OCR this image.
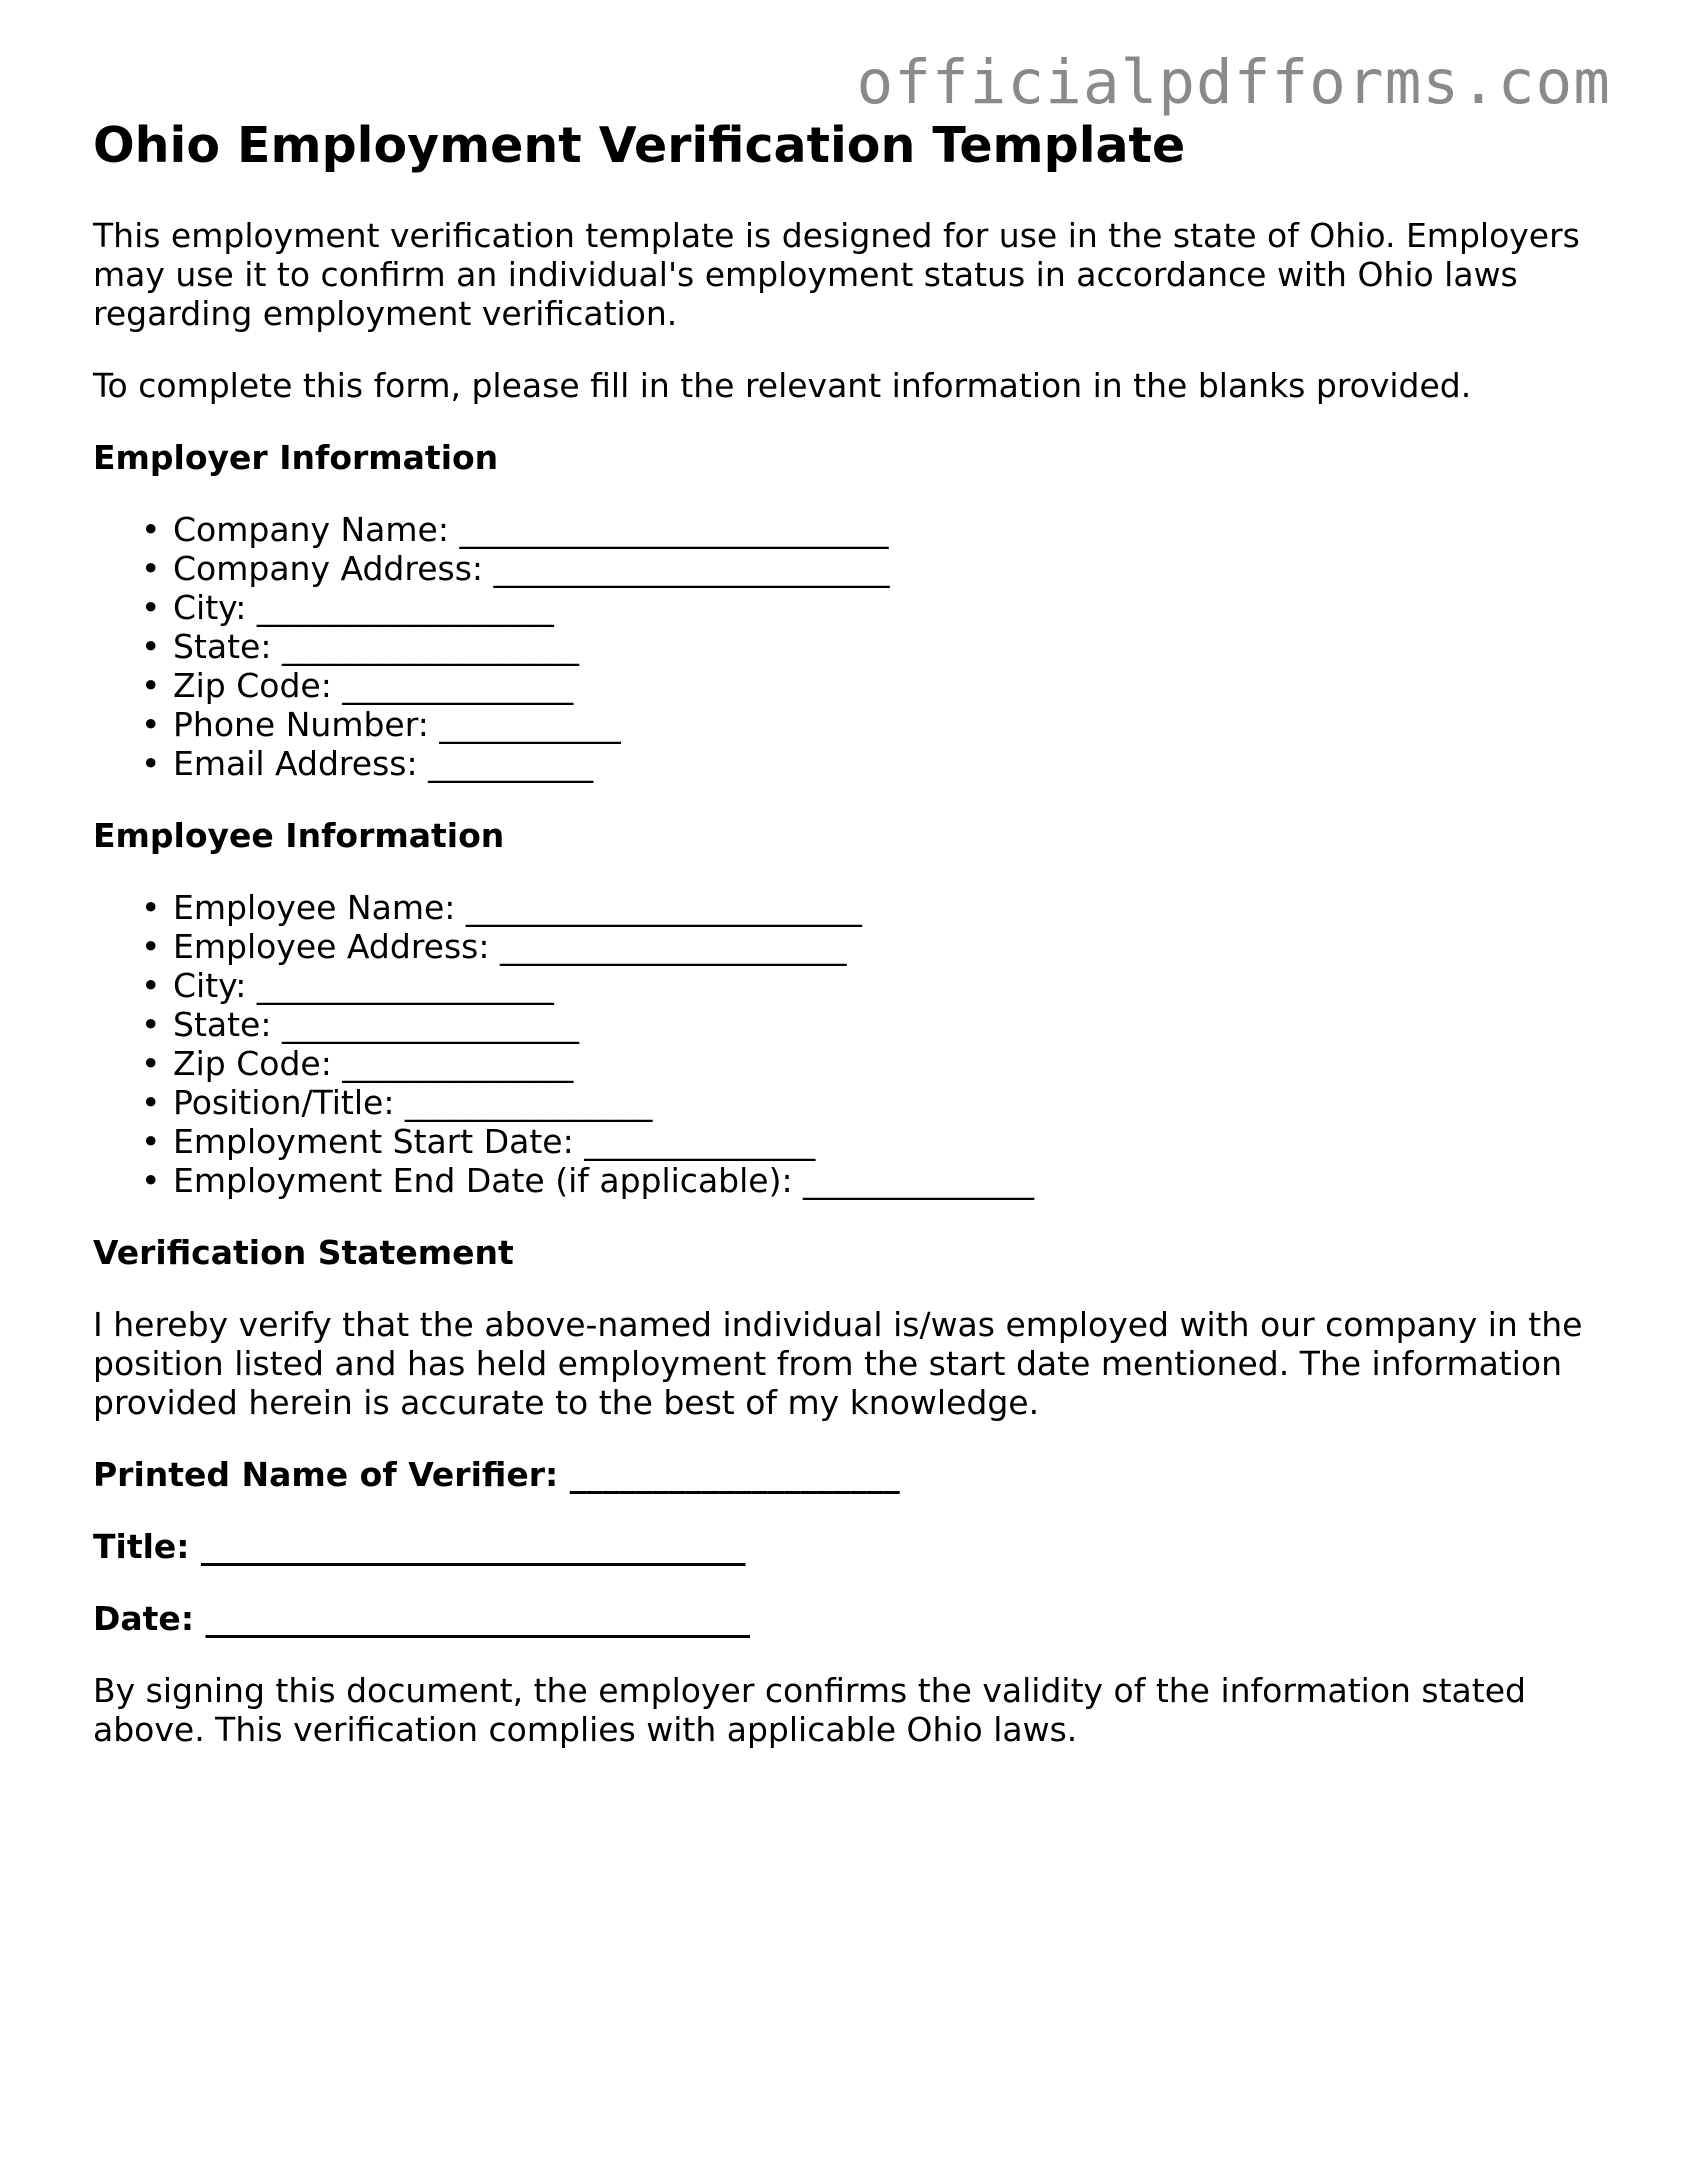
officialpdfforms.com
Ohio Employment Verification Template

This employment verification template is designed for use in the state of Ohio. Employers may use it to confirm an individual's employment status in accordance with Ohio laws regarding employment verification.

To complete this form, please fill in the relevant information in the blanks provided.

Employer Information
• Company Name: __________________________
• Company Address: ________________________
• City: __________________
• State: __________________
• Zip Code: ______________
• Phone Number: ___________
• Email Address: __________
Employee Information
• Employee Name: ________________________
• Employee Address: _____________________
• City: __________________
• State: __________________
• Zip Code: ______________
• Position/Title: _______________
• Employment Start Date: ______________
• Employment End Date (if applicable): ______________
Verification Statement

I hereby verify that the above-named individual is/was employed with our company in the position listed and has held employment from the start date mentioned. The information provided herein is accurate to the best of my knowledge.

Printed Name of Verifier: ____________________
Title: _________________________________
Date: _________________________________

By signing this document, the employer confirms the validity of the information stated above. This verification complies with applicable Ohio laws.
